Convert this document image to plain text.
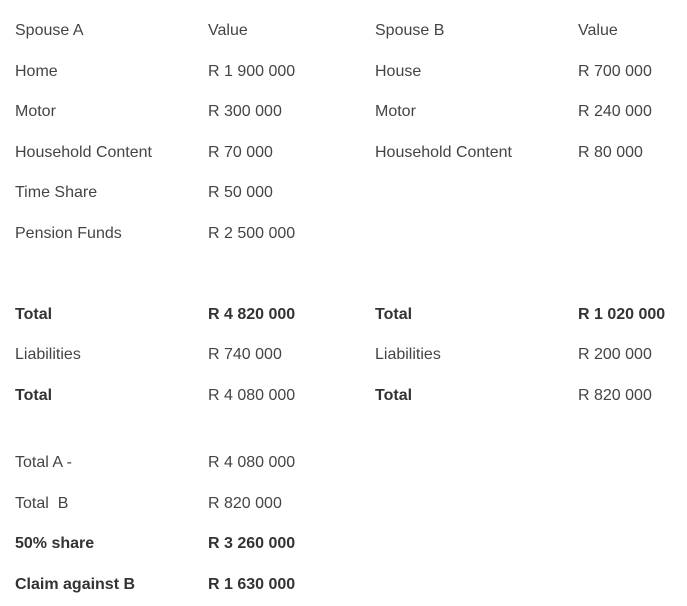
Spouse A	Value	Spouse B	Value
Home	R 1 900 000	House	R 700 000
Motor	R 300 000	Motor	R 240 000
Household Content	R 70 000	Household Content	R 80 000
Time Share	R 50 000
Pension Funds	R 2 500 000
Total	R 4 820 000	Total	R 1 020 000
Liabilities	R 740 000	Liabilities	R 200 000
Total	R 4 080 000	Total	R 820 000
Total A -	R 4 080 000
Total  B	R 820 000
50% share	R 3 260 000
Claim against B	R 1 630 000
